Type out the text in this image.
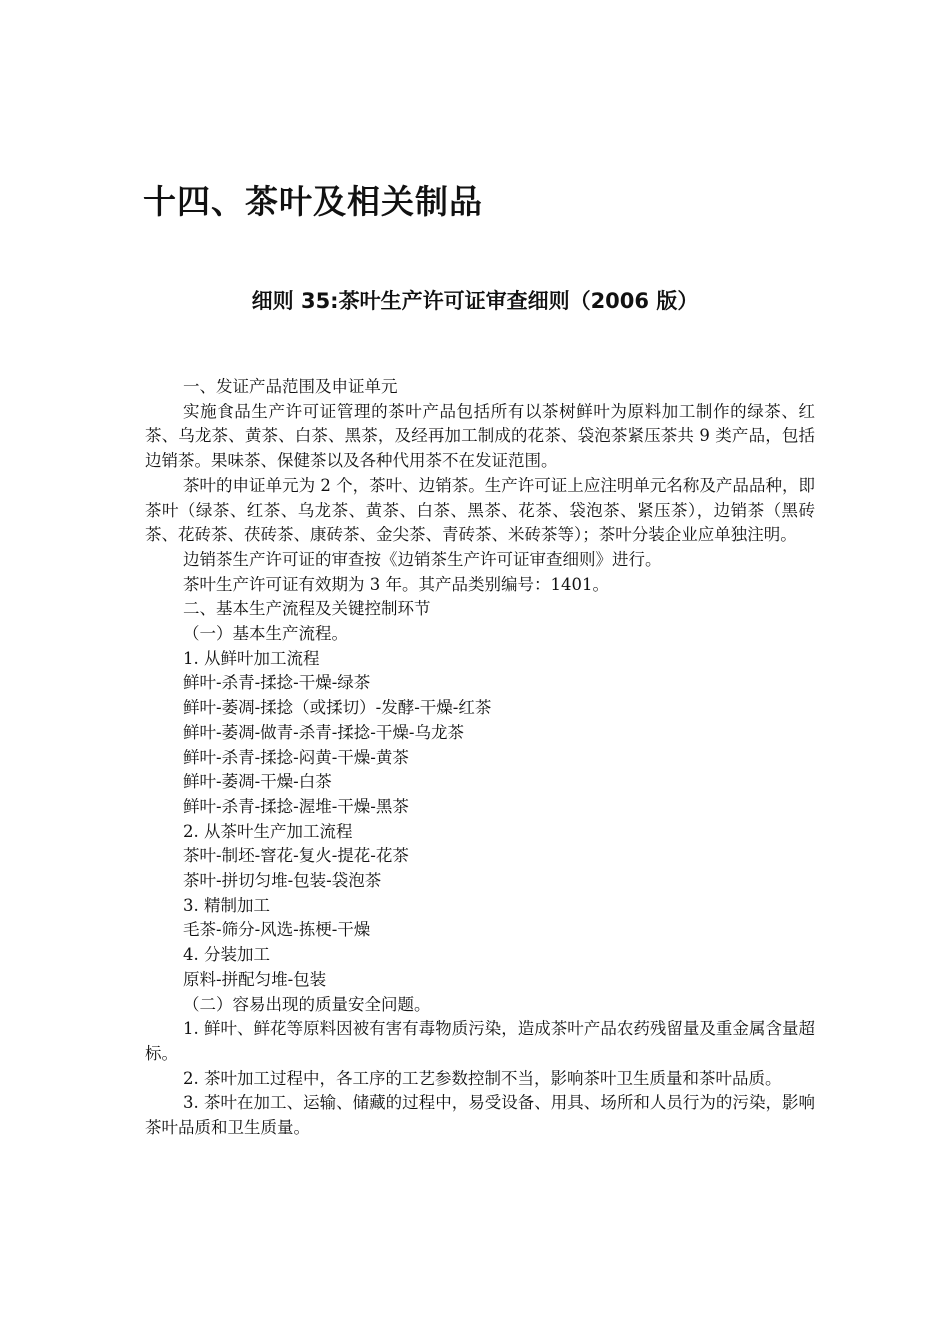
十四、茶叶及相关制品
细则 35:茶叶生产许可证审查细则（2006 版）

一、发证产品范围及申证单元

实施食品生产许可证管理的茶叶产品包括所有以茶树鲜叶为原料加工制作的绿茶、红茶、乌龙茶、黄茶、白茶、黑茶，及经再加工制成的花茶、袋泡茶紧压茶共 9 类产品，包括边销茶。果味茶、保健茶以及各种代用茶不在发证范围。

茶叶的申证单元为 2 个，茶叶、边销茶。生产许可证上应注明单元名称及产品品种，即茶叶（绿茶、红茶、乌龙茶、黄茶、白茶、黑茶、花茶、袋泡茶、紧压茶），边销茶（黑砖茶、花砖茶、茯砖茶、康砖茶、金尖茶、青砖茶、米砖茶等）；茶叶分装企业应单独注明。

边销茶生产许可证的审查按《边销茶生产许可证审查细则》进行。

茶叶生产许可证有效期为 3 年。其产品类别编号：1401。

二、基本生产流程及关键控制环节

（一）基本生产流程。

1. 从鲜叶加工流程

鲜叶-杀青-揉捻-干燥-绿茶

鲜叶-萎凋-揉捻（或揉切）-发酵-干燥-红茶

鲜叶-萎凋-做青-杀青-揉捻-干燥-乌龙茶

鲜叶-杀青-揉捻-闷黄-干燥-黄茶

鲜叶-萎凋-干燥-白茶

鲜叶-杀青-揉捻-渥堆-干燥-黑茶

2. 从茶叶生产加工流程

茶叶-制坯-窨花-复火-提花-花茶

茶叶-拼切匀堆-包装-袋泡茶

3. 精制加工

毛茶-筛分-风选-拣梗-干燥

4. 分装加工

原料-拼配匀堆-包装

（二）容易出现的质量安全问题。

1. 鲜叶、鲜花等原料因被有害有毒物质污染，造成茶叶产品农药残留量及重金属含量超标。

2. 茶叶加工过程中，各工序的工艺参数控制不当，影响茶叶卫生质量和茶叶品质。

3. 茶叶在加工、运输、储藏的过程中，易受设备、用具、场所和人员行为的污染，影响茶叶品质和卫生质量。
